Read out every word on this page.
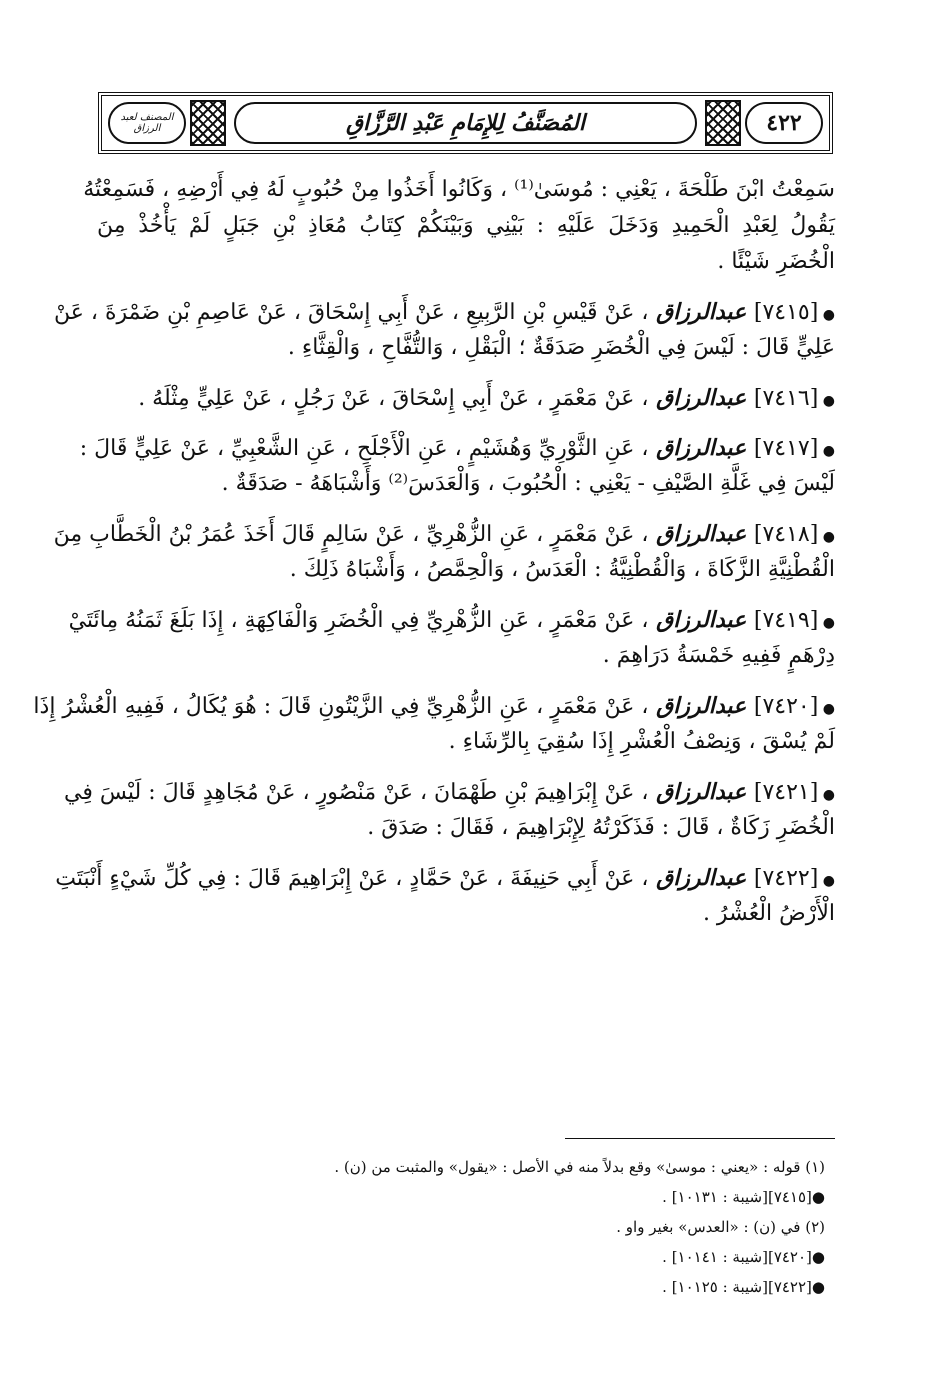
٤٢٢
المُصَنَّفُ لِلإِمَامِ عَبْدِ الرَّزَّاقِ
المصنف لعبد الرزاق
سَمِعْتُ ابْنَ طَلْحَةَ ، يَعْنِي : مُوسَىٰ⁽¹⁾ ، وَكَانُوا أَخَذُوا مِنْ حُبُوبٍ لَهُ فِي أَرْضِهِ ، فَسَمِعْتُهُ
يَقُولُ لِعَبْدِ الْحَمِيدِ وَدَخَلَ عَلَيْهِ : بَيْنِي وَبَيْنَكُمْ كِتَابُ مُعَاذِ بْنِ جَبَلٍ لَمْ يَأْخُذْ مِنَ
الْخُضَرِ شَيْئًا .
● [٧٤١٥] عبدالرزاق ، عَنْ قَيْسِ بْنِ الرَّبِيعِ ، عَنْ أَبِي إِسْحَاقَ ، عَنْ عَاصِمِ بْنِ ضَمْرَةَ ، عَنْ
عَلِيٍّ قَالَ : لَيْسَ فِي الْخُضَرِ صَدَقَةٌ ؛ الْبَقْلِ ، وَالتُّفَّاحِ ، وَالْقِثَّاءِ .
● [٧٤١٦] عبدالرزاق ، عَنْ مَعْمَرٍ ، عَنْ أَبِي إِسْحَاقَ ، عَنْ رَجُلٍ ، عَنْ عَلِيٍّ مِثْلَهُ .
● [٧٤١٧] عبدالرزاق ، عَنِ الثَّوْرِيِّ وَهُشَيْمٍ ، عَنِ الْأَجْلَحِ ، عَنِ الشَّعْبِيِّ ، عَنْ عَلِيٍّ قَالَ :
لَيْسَ فِي غَلَّةِ الصَّيْفِ - يَعْنِي : الْحُبُوبَ ، وَالْعَدَسَ⁽²⁾ وَأَشْبَاهَهُ - صَدَقَةٌ .
● [٧٤١٨] عبدالرزاق ، عَنْ مَعْمَرٍ ، عَنِ الزُّهْرِيِّ ، عَنْ سَالِمٍ قَالَ أَخَذَ عُمَرُ بْنُ الْخَطَّابِ مِنَ
الْقُطْنِيَّةِ الزَّكَاةَ ، وَالْقُطْنِيَّةُ : الْعَدَسُ ، وَالْحِمَّصُ ، وَأَشْبَاهُ ذَلِكَ .
● [٧٤١٩] عبدالرزاق ، عَنْ مَعْمَرٍ ، عَنِ الزُّهْرِيِّ فِي الْخُضَرِ وَالْفَاكِهَةِ ، إِذَا بَلَغَ ثَمَنُهُ مِائَتَيْ
دِرْهَمٍ فَفِيهِ خَمْسَةُ دَرَاهِمَ .
● [٧٤٢٠] عبدالرزاق ، عَنْ مَعْمَرٍ ، عَنِ الزُّهْرِيِّ فِي الزَّيْتُونِ قَالَ : هُوَ يُكَالُ ، فَفِيهِ الْعُشْرُ إِذَا
لَمْ يُسْقَ ، وَنِصْفُ الْعُشْرِ إِذَا سُقِيَ بِالرِّشَاءِ .
● [٧٤٢١] عبدالرزاق ، عَنْ إِبْرَاهِيمَ بْنِ طَهْمَانَ ، عَنْ مَنْصُورٍ ، عَنْ مُجَاهِدٍ قَالَ : لَيْسَ فِي
الْخُضَرِ زَكَاةٌ ، قَالَ : فَذَكَرْتُهُ لِإِبْرَاهِيمَ ، فَقَالَ : صَدَقَ .
● [٧٤٢٢] عبدالرزاق ، عَنْ أَبِي حَنِيفَةَ ، عَنْ حَمَّادٍ ، عَنْ إِبْرَاهِيمَ قَالَ : فِي كُلِّ شَيْءٍ أَنْبَتَتِ
الْأَرْضُ الْعُشْرُ .
(١) قوله : «يعني : موسىٰ» وقع بدلاً منه في الأصل : «يقول» والمثبت من (ن) .
●[٧٤١٥][شيبة : ١٠١٣١] .
(٢) في (ن) : «العدس» بغير واو .
●[٧٤٢٠][شيبة : ١٠١٤١] .
●[٧٤٢٢][شيبة : ١٠١٢٥] .
